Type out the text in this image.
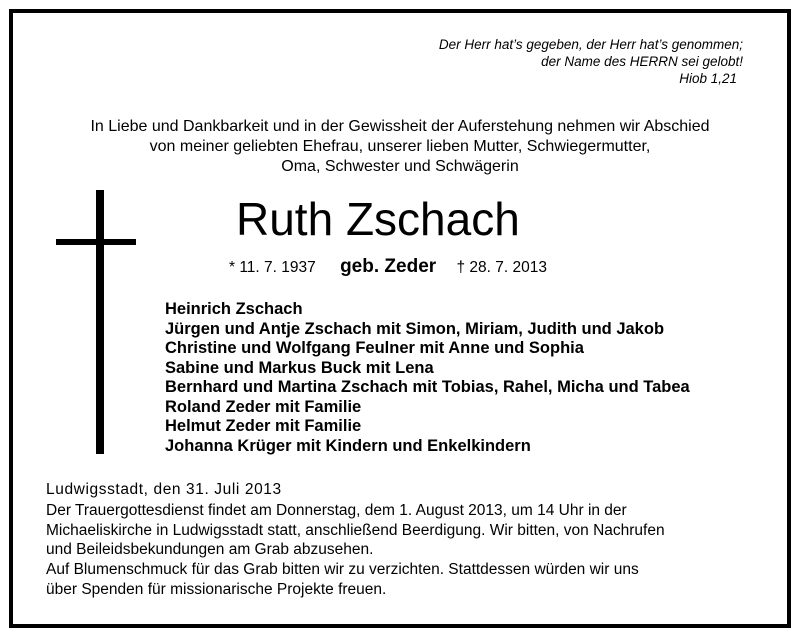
Der Herr hat’s gegeben, der Herr hat’s genommen;
der Name des HERRN sei gelobt!
Hiob 1,21
In Liebe und Dankbarkeit und in der Gewissheit der Auferstehung nehmen wir Abschied
von meiner geliebten Ehefrau, unserer lieben Mutter, Schwiegermutter,
Oma, Schwester und Schwägerin
Ruth Zschach
* 11. 7. 1937 geb. Zeder † 28. 7. 2013
Heinrich Zschach
Jürgen und Antje Zschach mit Simon, Miriam, Judith und Jakob
Christine und Wolfgang Feulner mit Anne und Sophia
Sabine und Markus Buck mit Lena
Bernhard und Martina Zschach mit Tobias, Rahel, Micha und Tabea
Roland Zeder mit Familie
Helmut Zeder mit Familie
Johanna Krüger mit Kindern und Enkelkindern
Ludwigsstadt, den 31. Juli 2013
Der Trauergottesdienst findet am Donnerstag, dem 1. August 2013, um 14 Uhr in der
Michaeliskirche in Ludwigsstadt statt, anschließend Beerdigung. Wir bitten, von Nachrufen
und Beileidsbekundungen am Grab abzusehen.
Auf Blumenschmuck für das Grab bitten wir zu verzichten. Stattdessen würden wir uns
über Spenden für missionarische Projekte freuen.
